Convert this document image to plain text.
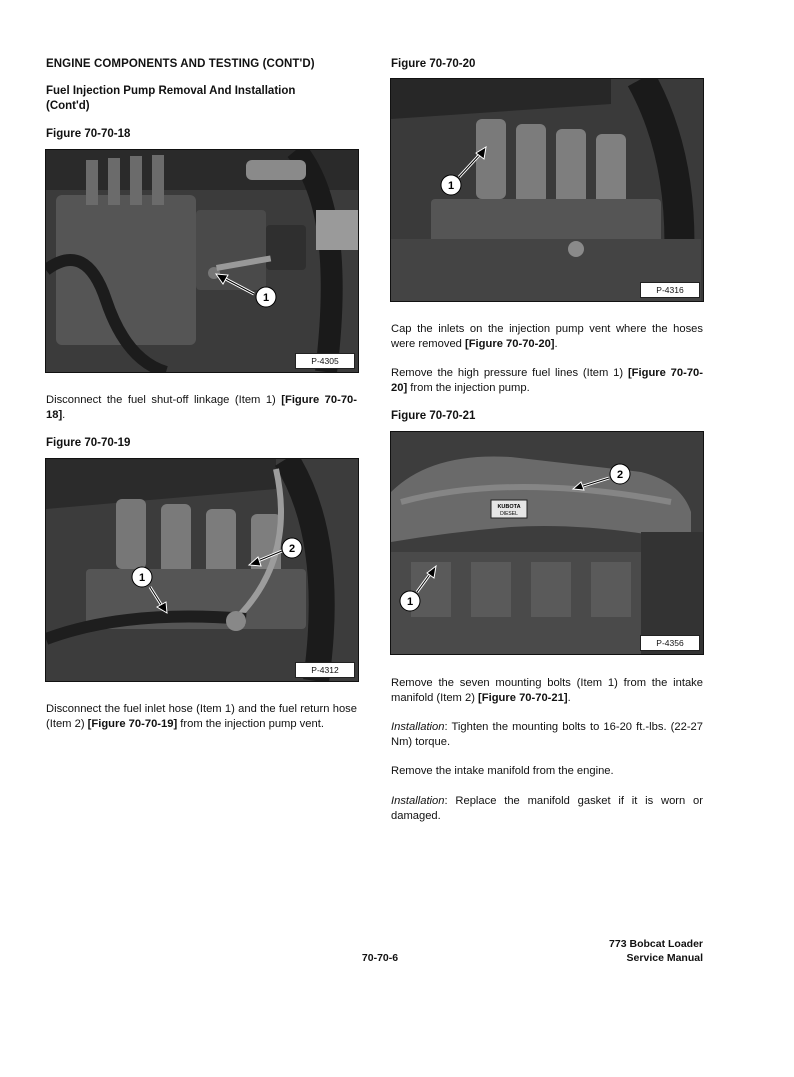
ENGINE COMPONENTS AND TESTING (CONT'D)
Fuel Injection Pump Removal And Installation
(Cont'd)
Figure 70-70-18
1
P-4305
Disconnect the fuel shut-off linkage (Item 1) [Figure 70-70-18].
Figure 70-70-19
1
2
P-4312
Disconnect the fuel inlet hose (Item 1) and the fuel return hose (Item 2) [Figure 70-70-19] from the injection pump vent.
Figure 70-70-20
1
P-4316
Cap the inlets on the injection pump vent where the hoses were removed [Figure 70-70-20].
Remove the high pressure fuel lines (Item 1) [Figure 70-70-20] from the injection pump.
Figure 70-70-21
KUBOTA
DIESEL
2
1
P-4356
Remove the seven mounting bolts (Item 1) from the intake manifold (Item 2) [Figure 70-70-21].
Installation: Tighten the mounting bolts to 16-20 ft.-lbs. (22-27 Nm) torque.
Remove the intake manifold from the engine.
Installation: Replace the manifold gasket if it is worn or damaged.
70-70-6
773 Bobcat Loader
Service Manual
